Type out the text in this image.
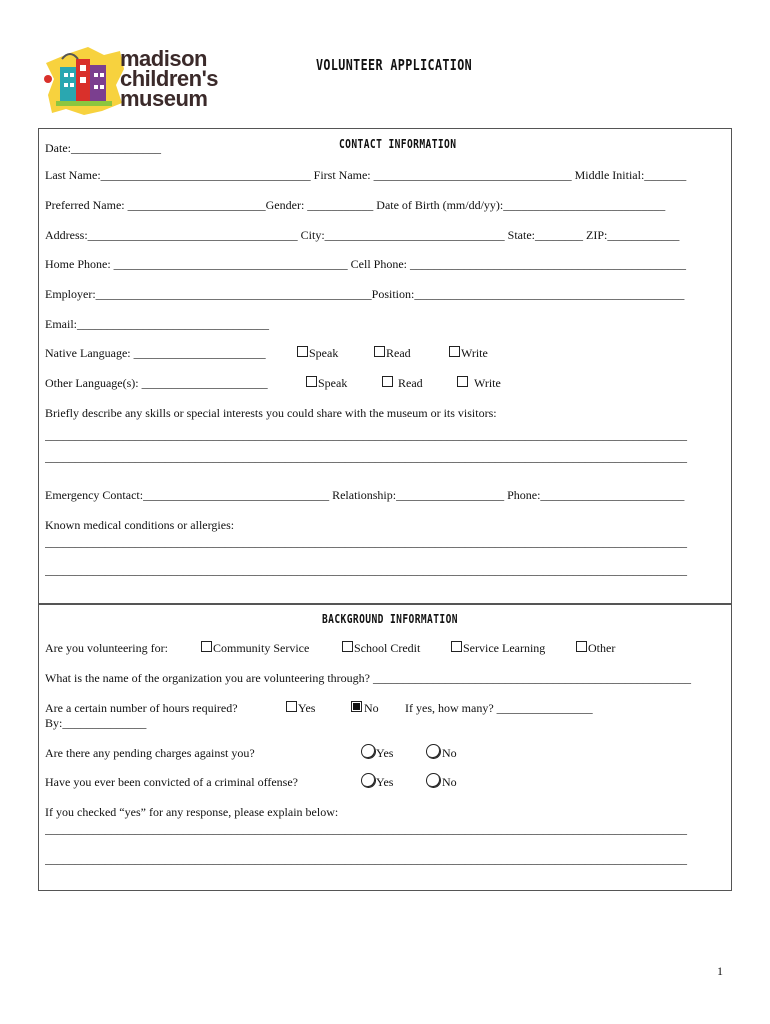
madison
children's
museum
VOLUNTEER APPLICATION
CONTACT INFORMATION
Date:_______________
Last Name:___________________________________ First Name: _________________________________ Middle Initial:_______
Preferred Name: _______________________Gender: ___________ Date of Birth (mm/dd/yy):___________________________
Address:___________________________________ City:______________________________ State:________ ZIP:____________
Home Phone: _______________________________________ Cell Phone: ______________________________________________
Employer:______________________________________________Position:_____________________________________________
Email:________________________________
Native Language: ______________________	Speak	Read	Write
Other Language(s): _____________________	Speak	Read	Write
Briefly describe any skills or special interests you could share with the museum or its visitors:
___________________________________________________________________________________________________________
___________________________________________________________________________________________________________
Emergency Contact:_______________________________ Relationship:__________________ Phone:________________________
Known medical conditions or allergies:
___________________________________________________________________________________________________________
___________________________________________________________________________________________________________
BACKGROUND INFORMATION
Are you volunteering for:	Community Service	School Credit	Service Learning	Other
What is the name of the organization you are volunteering through? _____________________________________________________
Are a certain number of hours required?	Yes	No If yes, how many? ________________
By:______________
Are there any pending charges against you?	Yes	No
Have you ever been convicted of a criminal offense?	Yes	No
If you checked “yes” for any response, please explain below:
___________________________________________________________________________________________________________
___________________________________________________________________________________________________________
1
